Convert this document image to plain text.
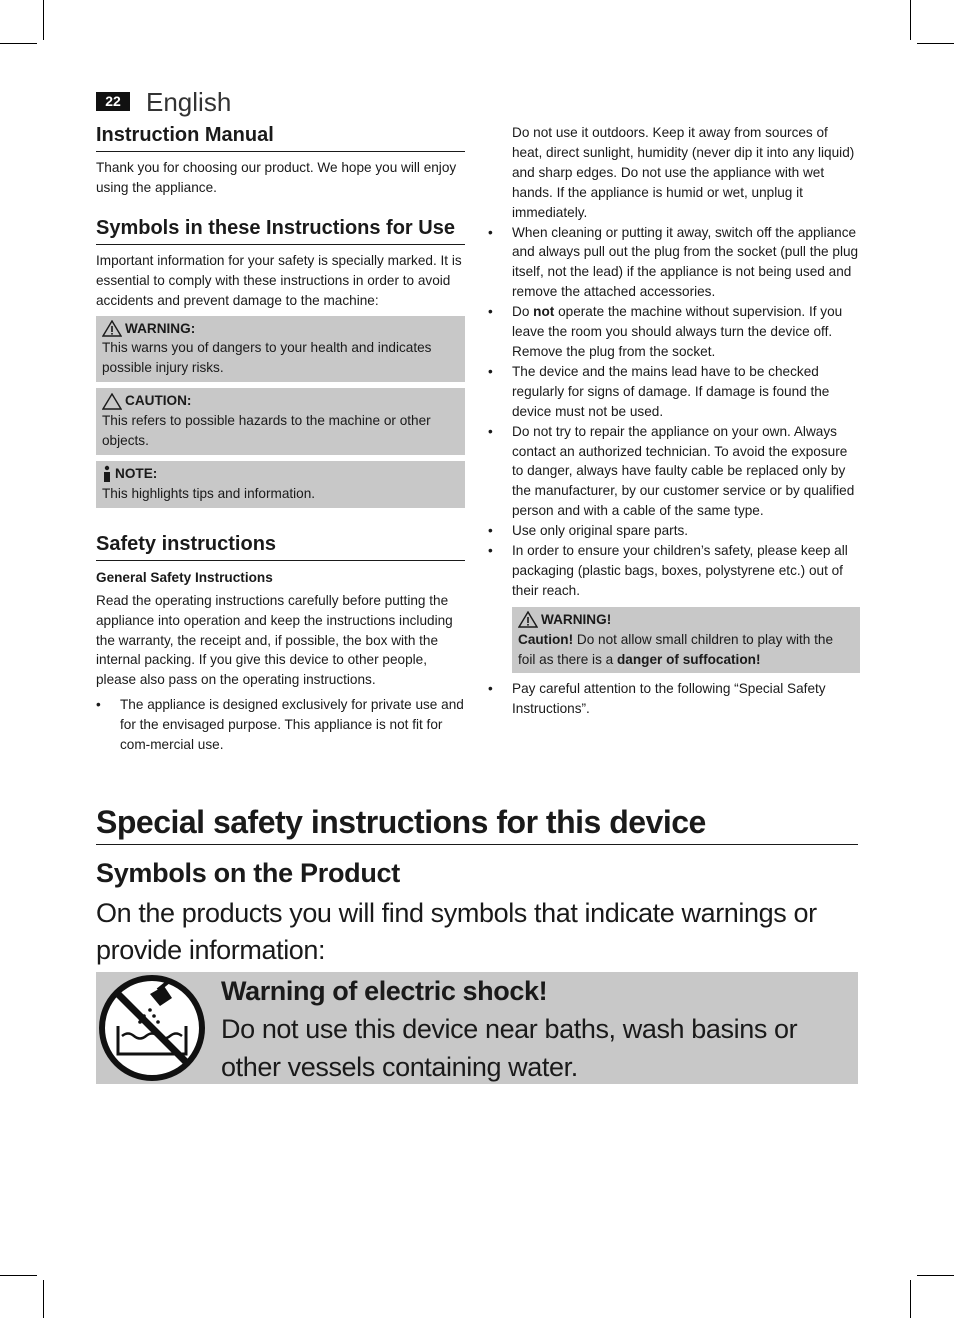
22 English
Instruction Manual

Thank you for choosing our product. We hope you will enjoy using the appliance.

Symbols in these Instructions for Use

Important information for your safety is specially marked. It is essential to comply with these instructions in order to avoid accidents and prevent damage to the machine:

WARNING:

This warns you of dangers to your health and indicates possible injury risks.

CAUTION:

This refers to possible hazards to the machine or other objects.

NOTE:

This highlights tips and information.

Safety instructions
General Safety Instructions

Read the operating instructions carefully before putting the appliance into operation and keep the instructions including the warranty, the receipt and, if possible, the box with the internal packing. If you give this device to other people, please also pass on the operating instructions.

•	The appliance is designed exclusively for private use and for the envisaged purpose. This appliance is not fit for com-mercial use.

Do not use it outdoors. Keep it away from sources of heat, direct sunlight, humidity (never dip it into any liquid) and sharp edges. Do not use the appliance with wet hands. If the appliance is humid or wet, unplug it immediately.

•	When cleaning or putting it away, switch off the appliance and always pull out the plug from the socket (pull the plug itself, not the lead) if the appliance is not being used and remove the attached accessories.
•	Do not operate the machine without supervision. If you leave the room you should always turn the device off. Remove the plug from the socket.
•	The device and the mains lead have to be checked regularly for signs of damage. If damage is found the device must not be used.
•	Do not try to repair the appliance on your own. Always contact an authorized technician. To avoid the exposure to danger, always have faulty cable be replaced only by the manufacturer, by our customer service or by qualified person and with a cable of the same type.
•	Use only original spare parts.
•	In order to ensure your children’s safety, please keep all packaging (plastic bags, boxes, polystyrene etc.) out of their reach.
WARNING!

Caution! Do not allow small children to play with the foil as there is a danger of suffocation!

•	Pay careful attention to the following “Special Safety Instructions”.
Special safety instructions for this device
Symbols on the Product
On the products you will find symbols that indicate warnings or provide information:
Warning of electric shock!
Do not use this device near baths, wash basins or other vessels containing water.
